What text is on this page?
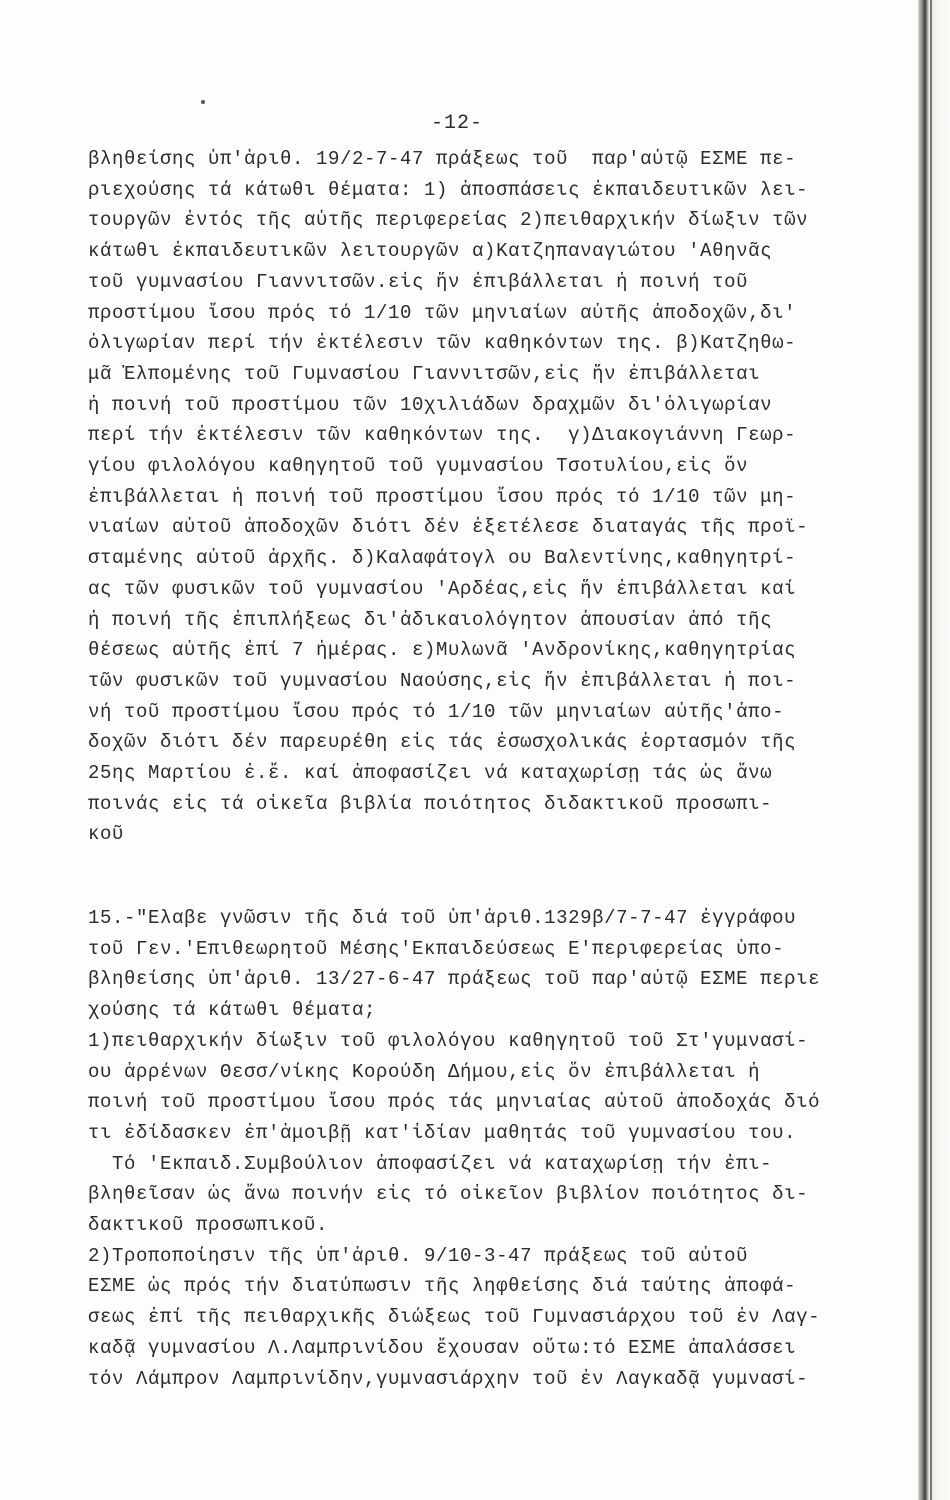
-12-
βληθείσης ὑπ'ἀριθ. 19/2-7-47 πράξεως τοῦ  παρ'αὐτῷ ΕΣΜΕ πε-
ριεχούσης τά κάτωθι θέματα: 1) ἀποσπάσεις ἐκπαιδευτικῶν λει-
τουργῶν ἐντός τῆς αὐτῆς περιφερείας 2)πειθαρχικήν δίωξιν τῶν
κάτωθι ἐκπαιδευτικῶν λειτουργῶν α)Κατζηπαναγιώτου 'Αθηνᾶς
τοῦ γυμνασίου Γιαννιτσῶν.εἰς ἥν ἐπιβάλλεται ἡ ποινή τοῦ
προστίμου ἴσου πρός τό 1/10 τῶν μηνιαίων αὐτῆς ἀποδοχῶν,δι'
ὀλιγωρίαν περί τήν ἐκτέλεσιν τῶν καθηκόντων της. β)Κατζηθω-
μᾶ Ἐλπομένης τοῦ Γυμνασίου Γιαννιτσῶν,εἰς ἥν ἐπιβάλλεται
ἡ ποινή τοῦ προστίμου τῶν 10χιλιάδων δραχμῶν δι'ὀλιγωρίαν
περί τήν ἐκτέλεσιν τῶν καθηκόντων της.  γ)Διακογιάννη Γεωρ-
γίου φιλολόγου καθηγητοῦ τοῦ γυμνασίου Τσοτυλίου,εἰς ὅν
ἐπιβάλλεται ἡ ποινή τοῦ προστίμου ἴσου πρός τό 1/10 τῶν μη-
νιαίων αὐτοῦ ἀποδοχῶν διότι δέν ἐξετέλεσε διαταγάς τῆς προϊ-
σταμένης αὐτοῦ ἀρχῆς. δ)Καλαφάτογλ ου Βαλεντίνης,καθηγητρί-
ας τῶν φυσικῶν τοῦ γυμνασίου 'Αρδέας,εἰς ἥν ἐπιβάλλεται καί
ἡ ποινή τῆς ἐπιπλήξεως δι'ἀδικαιολόγητον ἀπουσίαν ἀπό τῆς
θέσεως αὐτῆς ἐπί 7 ἡμέρας. ε)Μυλωνᾶ 'Ανδρονίκης,καθηγητρίας
τῶν φυσικῶν τοῦ γυμνασίου Ναούσης,εἰς ἥν ἐπιβάλλεται ἡ ποι-
νή τοῦ προστίμου ἴσου πρός τό 1/10 τῶν μηνιαίων αὐτῆς'ἀπο-
δοχῶν διότι δέν παρευρέθη εἰς τάς ἐσωσχολικάς ἑορτασμόν τῆς
25ης Μαρτίου ἐ.ἔ. καί ἀποφασίζει νά καταχωρίσῃ τάς ὡς ἄνω
ποινάς εἰς τά οἰκεῖα βιβλία ποιότητος διδακτικοῦ προσωπι-
κοῦ
15.-"Ελαβε γνῶσιν τῆς διά τοῦ ὑπ'ἀριθ.1329β/7-7-47 ἐγγράφου
τοῦ Γεν.'Επιθεωρητοῦ Μέσης'Εκπαιδεύσεως Ε'περιφερείας ὑπο-
βληθείσης ὑπ'ἀριθ. 13/27-6-47 πράξεως τοῦ παρ'αὐτῷ ΕΣΜΕ περιε
χούσης τά κάτωθι θέματα;
1)πειθαρχικήν δίωξιν τοῦ φιλολόγου καθηγητοῦ τοῦ Στ'γυμνασί-
ου ἀρρένων Θεσσ/νίκης Κορούδη Δήμου,εἰς ὅν ἐπιβάλλεται ἡ
ποινή τοῦ προστίμου ἴσου πρός τάς μηνιαίας αὐτοῦ ἀποδοχάς διό
τι ἐδίδασκεν ἐπ'ἀμοιβῇ κατ'ἰδίαν μαθητάς τοῦ γυμνασίου του.
Τό 'Εκπαιδ.Συμβούλιον ἀποφασίζει νά καταχωρίσῃ τήν ἐπι-
βληθεῖσαν ὡς ἄνω ποινήν εἰς τό οἰκεῖον βιβλίον ποιότητος δι-
δακτικοῦ προσωπικοῦ.
2)Τροποποίησιν τῆς ὑπ'ἀριθ. 9/10-3-47 πράξεως τοῦ αὐτοῦ
ΕΣΜΕ ὡς πρός τήν διατύπωσιν τῆς ληφθείσης διά ταύτης ἀποφά-
σεως ἐπί τῆς πειθαρχικῆς διώξεως τοῦ Γυμνασιάρχου τοῦ ἐν Λαγ-
καδᾷ γυμνασίου Λ.Λαμπρινίδου ἔχουσαν οὕτω:τό ΕΣΜΕ ἀπαλάσσει
τόν Λάμπρον Λαμπρινίδην,γυμνασιάρχην τοῦ ἐν Λαγκαδᾷ γυμνασί-
